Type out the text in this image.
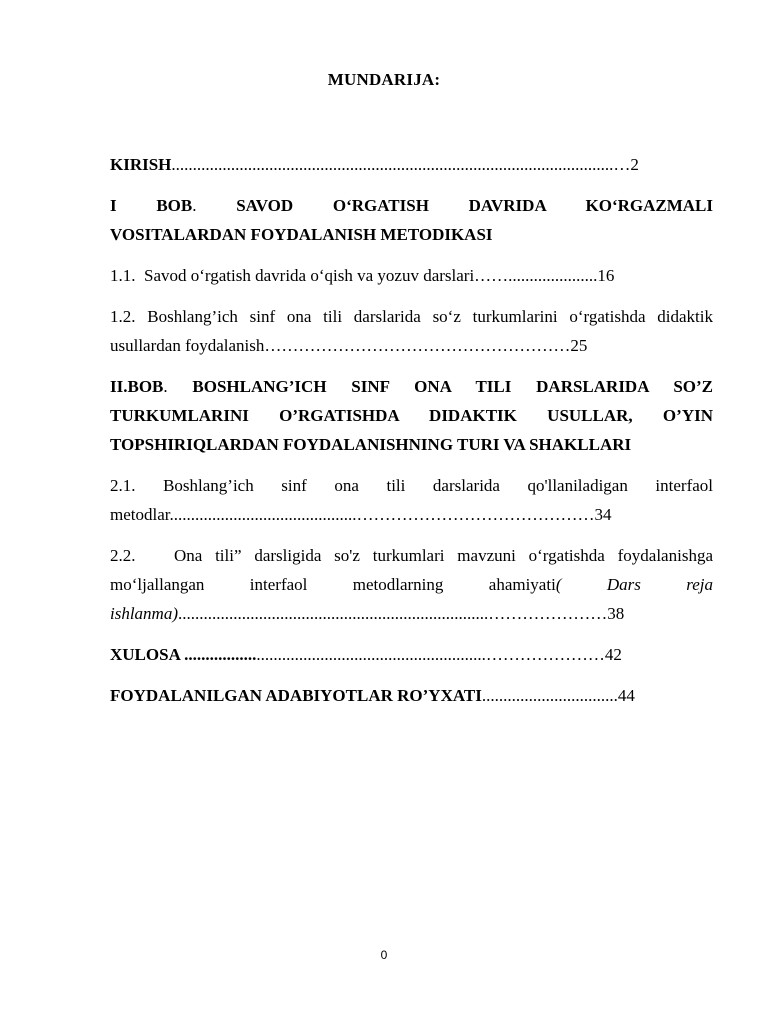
MUNDARIJA:
KIRISH........................................................................................................…2
I BOB. SAVOD O‘RGATISH DAVRIDA KO‘RGAZMALI
VOSITALARDAN FOYDALANISH METODIKASI
1.1.  Savod o‘rgatish davrida o‘qish va yozuv darslari…….....................16
1.2. Boshlang’ich sinf ona tili darslarida so‘z turkumlarini o‘rgatishda didaktik
usullardan foydalanish………………………………………………25
II.BOB. BOSHLANG’ICH SINF ONA TILI DARSLARIDA SO’Z
TURKUMLARINI O’RGATISHDA DIDAKTIK USULLAR, O’YIN
TOPSHIRIQLARDAN FOYDALANISHNING TURI VA SHAKLLARI
2.1. Boshlang’ich sinf ona tili darslarida qo'llaniladigan interfaol
metodlar............................................……………………………………34
2.2.   Ona tili” darsligida so'z turkumlari mavzuni o‘rgatishda foydalanishga
mo‘ljallangan interfaol metodlarning ahamiyati( Dars reja
ishlanma).........................................................................…………………38
XULOSA .......................................................................…………………42
FOYDALANILGAN ADABIYOTLAR RO’YXATI................................44
0
